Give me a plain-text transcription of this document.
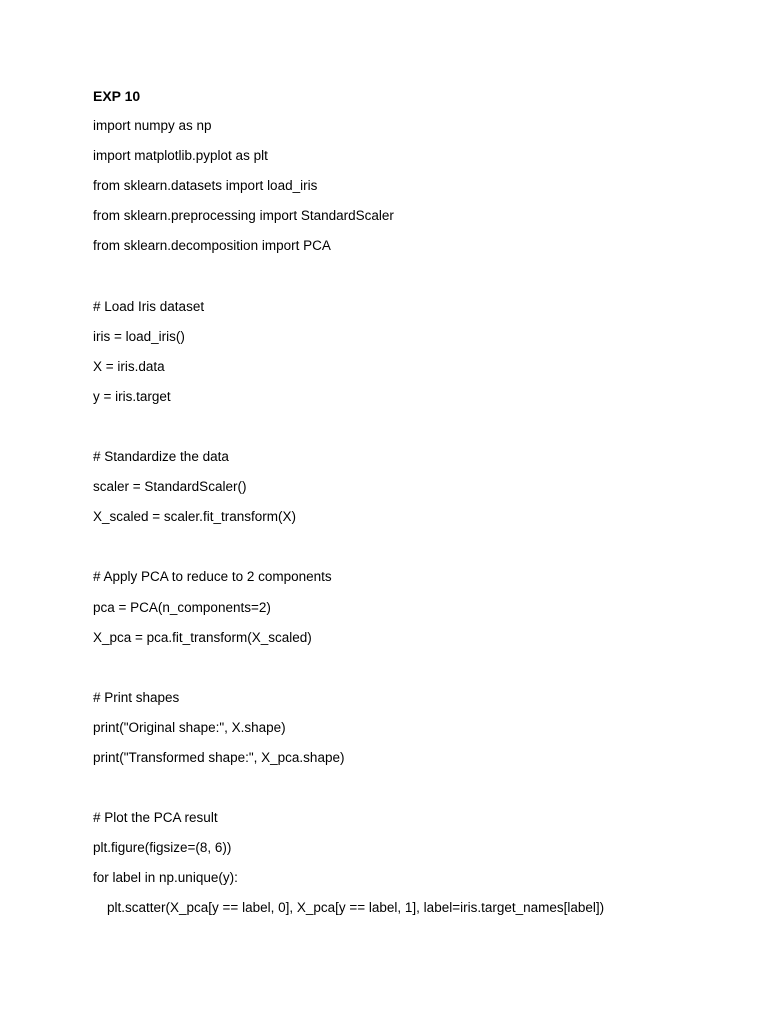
EXP 10
import numpy as np
import matplotlib.pyplot as plt
from sklearn.datasets import load_iris
from sklearn.preprocessing import StandardScaler
from sklearn.decomposition import PCA
# Load Iris dataset
iris = load_iris()
X = iris.data
y = iris.target
# Standardize the data
scaler = StandardScaler()
X_scaled = scaler.fit_transform(X)
# Apply PCA to reduce to 2 components
pca = PCA(n_components=2)
X_pca = pca.fit_transform(X_scaled)
# Print shapes
print("Original shape:", X.shape)
print("Transformed shape:", X_pca.shape)
# Plot the PCA result
plt.figure(figsize=(8, 6))
for label in np.unique(y):
plt.scatter(X_pca[y == label, 0], X_pca[y == label, 1], label=iris.target_names[label])
